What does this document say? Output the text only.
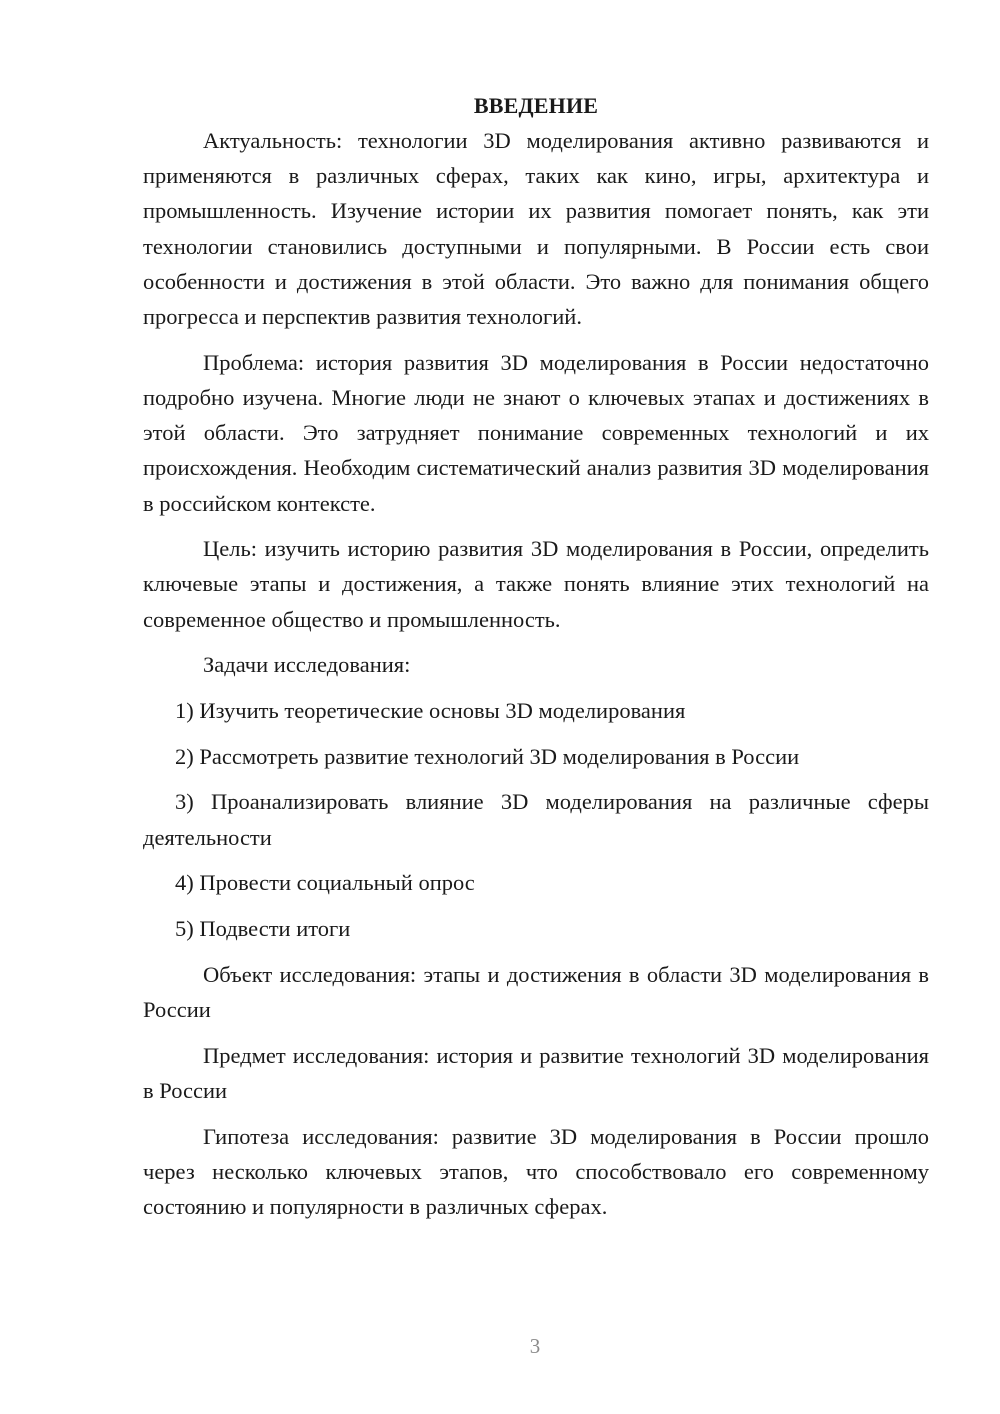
ВВЕДЕНИЕ

Актуальность: технологии 3D моделирования активно развиваются и применяются в различных сферах, таких как кино, игры, архитектура и промышленность. Изучение истории их развития помогает понять, как эти технологии становились доступными и популярными. В России есть свои особенности и достижения в этой области. Это важно для понимания общего прогресса и перспектив развития технологий.

Проблема: история развития 3D моделирования в России недостаточно подробно изучена. Многие люди не знают о ключевых этапах и достижениях в этой области. Это затрудняет понимание современных технологий и их происхождения. Необходим систематический анализ развития 3D моделирования в российском контексте.

Цель: изучить историю развития 3D моделирования в России, определить ключевые этапы и достижения, а также понять влияние этих технологий на современное общество и промышленность.

Задачи исследования:

1) Изучить теоретические основы 3D моделирования

2) Рассмотреть развитие технологий 3D моделирования в России

3) Проанализировать влияние 3D моделирования на различные сферы деятельности

4) Провести социальный опрос

5) Подвести итоги

Объект исследования: этапы и достижения в области 3D моделирования в России

Предмет исследования: история и развитие технологий 3D моделирования в России

Гипотеза исследования: развитие 3D моделирования в России прошло через несколько ключевых этапов, что способствовало его современному состоянию и популярности в различных сферах.

3
